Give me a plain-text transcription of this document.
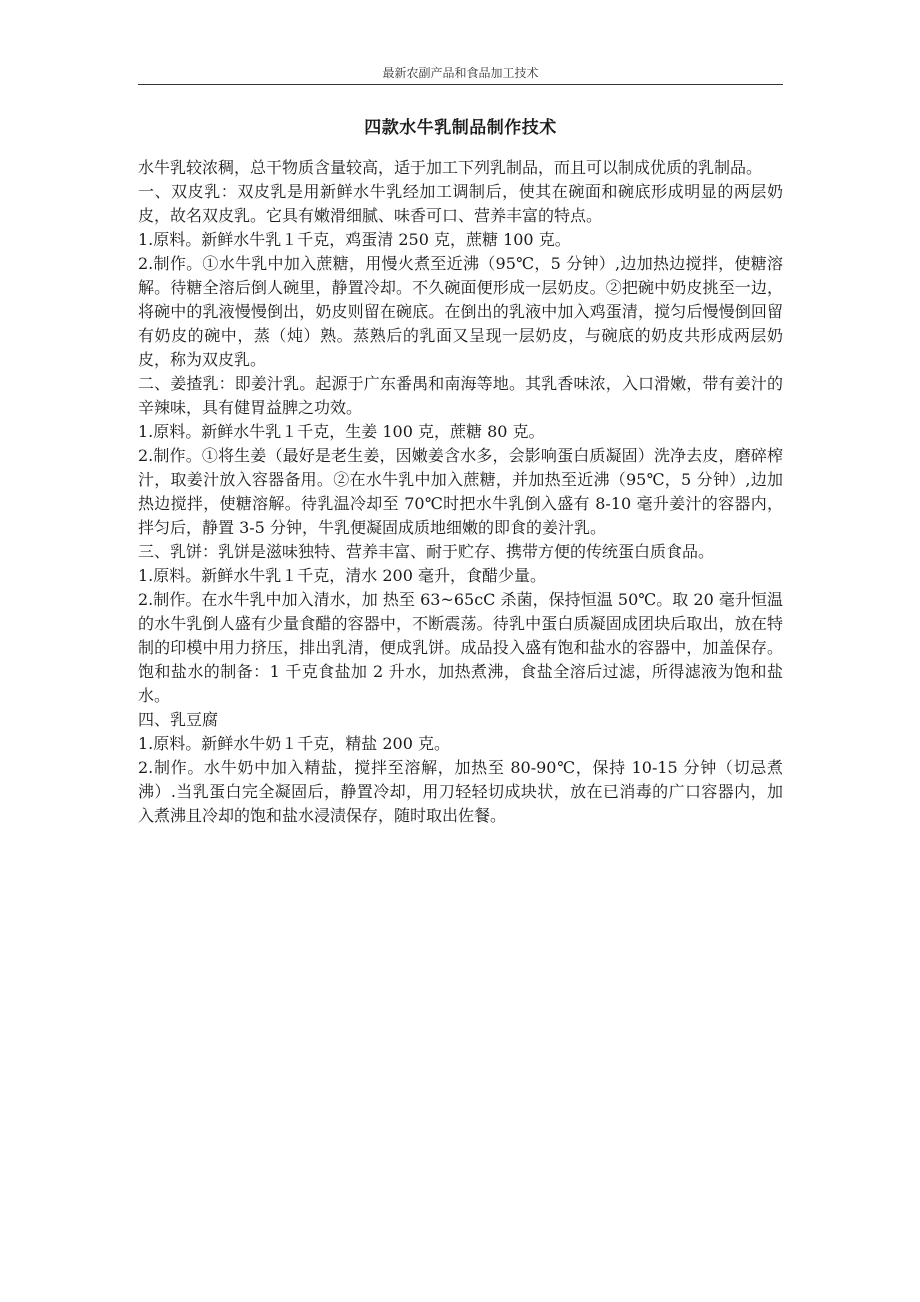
最新农副产品和食品加工技术
四款水牛乳制品制作技术

水牛乳较浓稠，总干物质含量较高，适于加工下列乳制品，而且可以制成优质的乳制品。

一、双皮乳：双皮乳是用新鲜水牛乳经加工调制后，使其在碗面和碗底形成明显的两层奶皮，故名双皮乳。它具有嫩滑细腻、味香可口、营养丰富的特点。

1.原料。新鲜水牛乳１千克，鸡蛋清 250 克，蔗糖 100 克。

2.制作。①水牛乳中加入蔗糖，用慢火煮至近沸（95℃，5 分钟）,边加热边搅拌，使糖溶解。待糖全溶后倒人碗里，静置冷却。不久碗面便形成一层奶皮。②把碗中奶皮挑至一边，将碗中的乳液慢慢倒出，奶皮则留在碗底。在倒出的乳液中加入鸡蛋清，搅匀后慢慢倒回留有奶皮的碗中，蒸（炖）熟。蒸熟后的乳面又呈现一层奶皮，与碗底的奶皮共形成两层奶皮，称为双皮乳。

二、姜揸乳：即姜汁乳。起源于广东番禺和南海等地。其乳香味浓，入口滑嫩，带有姜汁的辛辣味，具有健胃益脾之功效。

1.原料。新鲜水牛乳１千克，生姜 100 克，蔗糖 80 克。

2.制作。①将生姜（最好是老生姜，因嫩姜含水多，会影响蛋白质凝固）洗净去皮，磨碎榨汁，取姜汁放入容器备用。②在水牛乳中加入蔗糖，并加热至近沸（95℃，5 分钟）,边加热边搅拌，使糖溶解。待乳温冷却至 70℃时把水牛乳倒入盛有 8-10 毫升姜汁的容器内，拌匀后，静置 3-5 分钟，牛乳便凝固成质地细嫩的即食的姜汁乳。

三、乳饼：乳饼是滋味独特、营养丰富、耐于贮存、携带方便的传统蛋白质食品。

1.原料。新鲜水牛乳１千克，清水 200 毫升，食醋少量。

2.制作。在水牛乳中加入清水，加 热至 63~65cC 杀菌，保持恒温 50℃。取 20 毫升恒温的水牛乳倒人盛有少量食醋的容器中，不断震荡。待乳中蛋白质凝固成团块后取出，放在特制的印模中用力挤压，排出乳清，便成乳饼。成品投入盛有饱和盐水的容器中，加盖保存。饱和盐水的制备：1 千克食盐加 2 升水，加热煮沸，食盐全溶后过滤，所得滤液为饱和盐水。

四、乳豆腐

1.原料。新鲜水牛奶１千克，精盐 200 克。

2.制作。水牛奶中加入精盐，搅拌至溶解，加热至 80-90℃，保持 10-15 分钟（切忌煮沸）.当乳蛋白完全凝固后，静置冷却，用刀轻轻切成块状，放在已消毒的广口容器内，加入煮沸且冷却的饱和盐水浸渍保存，随时取出佐餐。
